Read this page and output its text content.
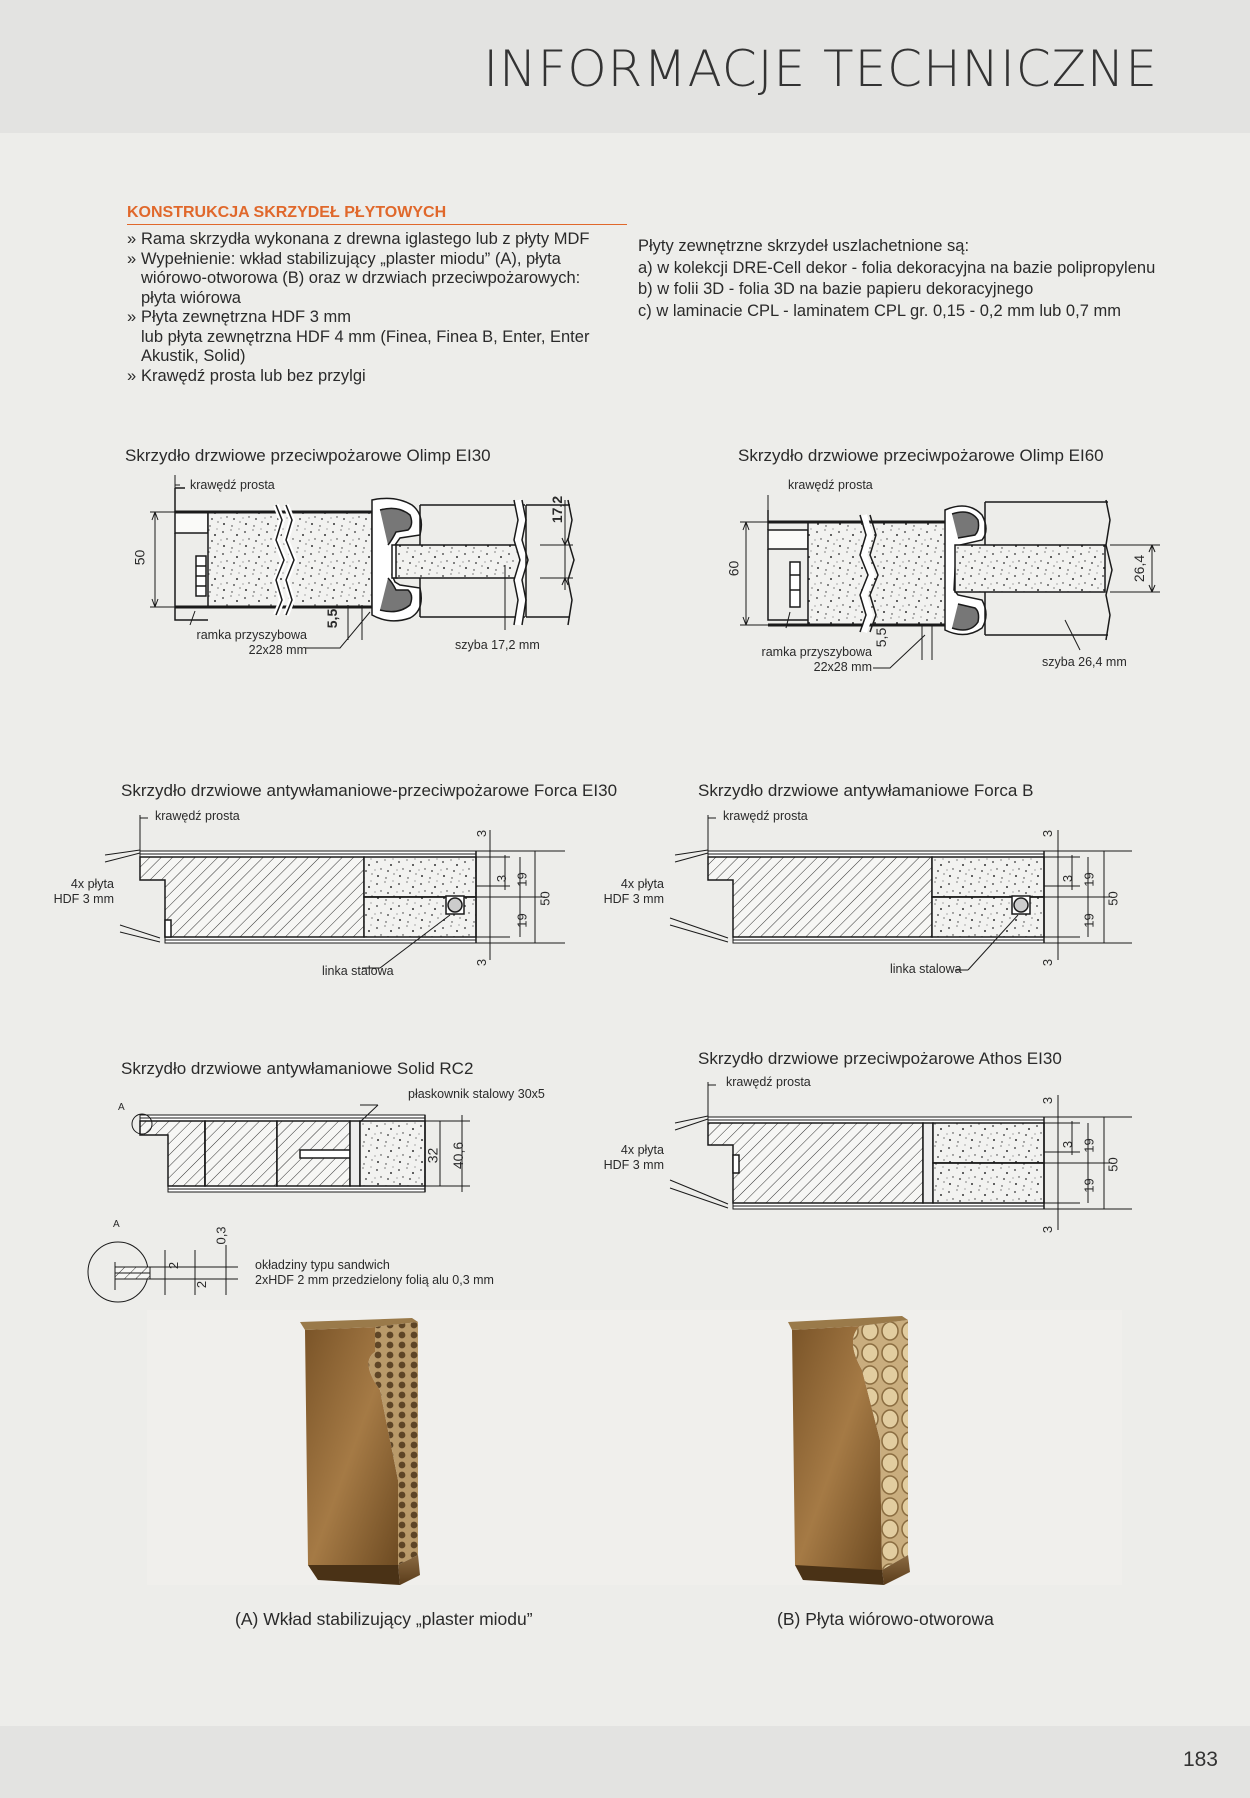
INFORMACJE TECHNICZNE
KONSTRUKCJA SKRZYDEŁ PŁYTOWYCH
» Rama skrzydła wykonana z drewna iglastego lub z płyty MDF
» Wypełnienie: wkład stabilizujący „plaster miodu” (A), płyta
wiórowo-otworowa (B) oraz w drzwiach przeciwpożarowych:
płyta wiórowa
» Płyta zewnętrzna HDF 3 mm
lub płyta zewnętrzna HDF 4 mm (Finea, Finea B, Enter, Enter
Akustik, Solid)
» Krawędź prosta lub bez przylgi
Płyty zewnętrzne skrzydeł uszlachetnione są:
a) w kolekcji DRE-Cell dekor - folia dekoracyjna na bazie polipropylenu
b) w folii 3D - folia 3D na bazie papieru dekoracyjnego
c) w laminacie CPL - laminatem CPL gr. 0,15 - 0,2 mm lub 0,7 mm
Skrzydło drzwiowe przeciwpożarowe Olimp EI30
krawędź prosta
50
17,2
5,5
ramka przyszybowa
22x28 mm	szyba 17,2 mm
Skrzydło drzwiowe przeciwpożarowe Olimp EI60
krawędź prosta
60	26,4
5,5
ramka przyszybowa
22x28 mm	szyba 26,4 mm
Skrzydło drzwiowe antywłamaniowe-przeciwpożarowe Forca EI30
krawędź prosta
4x płyta
HDF 3 mm
linka stalowa
3
3 19
19
50
3
Skrzydło drzwiowe antywłamaniowe Forca B
krawędź prosta
4x płyta
HDF 3 mm
linka stalowa
3
3 19
19
50
3
Skrzydło drzwiowe antywłamaniowe Solid RC2
A
płaskownik stalowy 30x5
32 40,6
A
0,3
2
2
okładziny typu sandwich
2xHDF 2 mm przedzielony folią alu 0,3 mm
Skrzydło drzwiowe przeciwpożarowe Athos EI30
krawędź prosta
4x płyta
HDF 3 mm
3
3 19
19
50
3
(A) Wkład stabilizujący „plaster miodu”	(B) Płyta wiórowo-otworowa
183
